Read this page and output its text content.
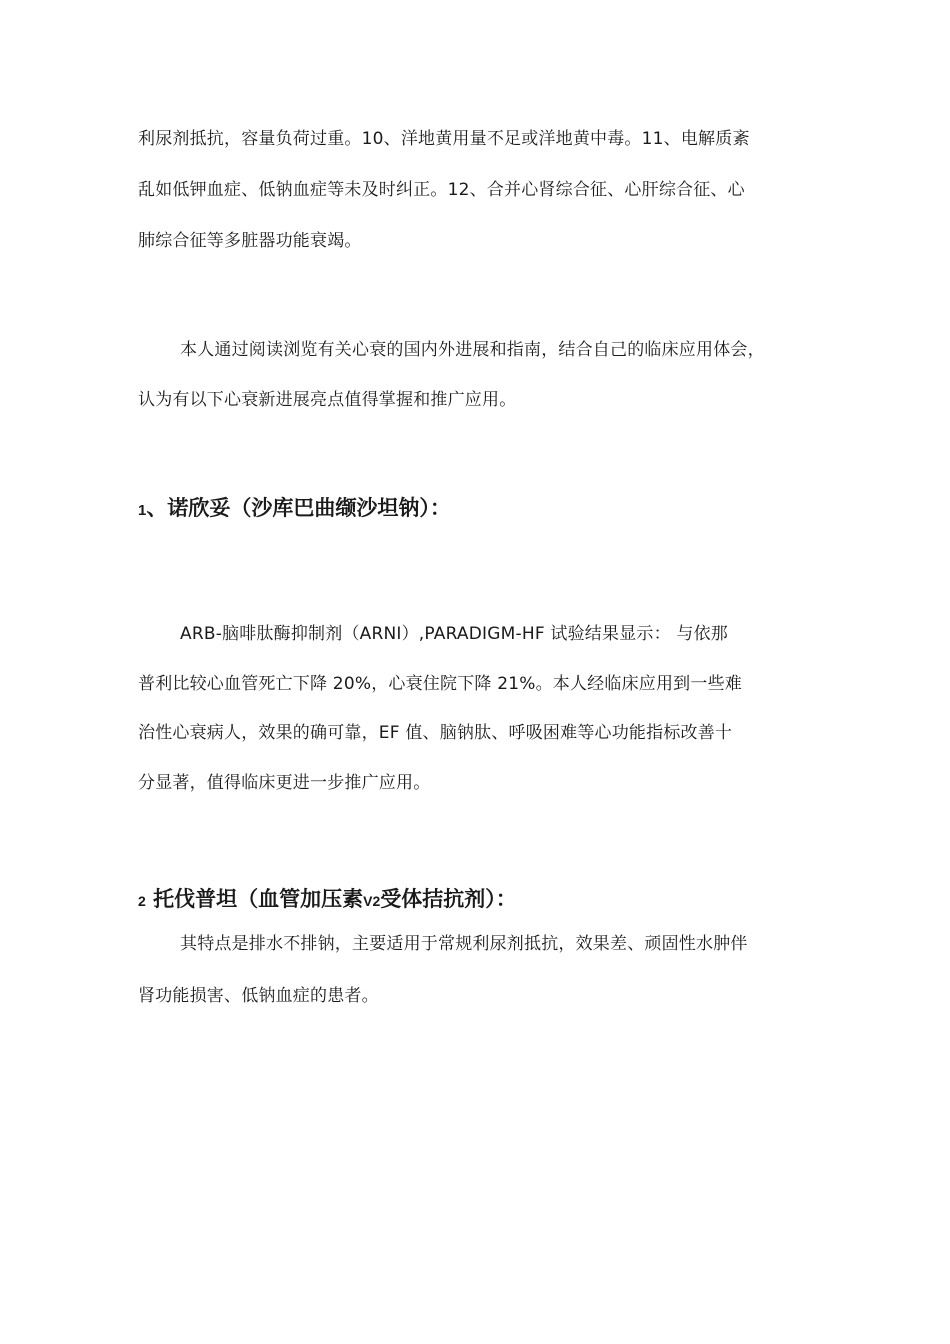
利尿剂抵抗，容量负荷过重。10、洋地黄用量不足或洋地黄中毒。11、电解质紊
乱如低钾血症、低钠血症等未及时纠正。12、合并心肾综合征、心肝综合征、心
肺综合征等多脏器功能衰竭。
本人通过阅读浏览有关心衰的国内外进展和指南，结合自己的临床应用体会，
认为有以下心衰新进展亮点值得掌握和推广应用。
1、诺欣妥（沙库巴曲缬沙坦钠）：
ARB-脑啡肽酶抑制剂（ARNI）,PARADIGM-HF 试验结果显示： 与依那
普利比较心血管死亡下降 20%，心衰住院下降 21%。本人经临床应用到一些难
治性心衰病人，效果的确可靠，EF 值、脑钠肽、呼吸困难等心功能指标改善十
分显著，值得临床更进一步推广应用。
2 托伐普坦（血管加压素V2受体拮抗剂）：
其特点是排水不排钠，主要适用于常规利尿剂抵抗，效果差、顽固性水肿伴
肾功能损害、低钠血症的患者。
